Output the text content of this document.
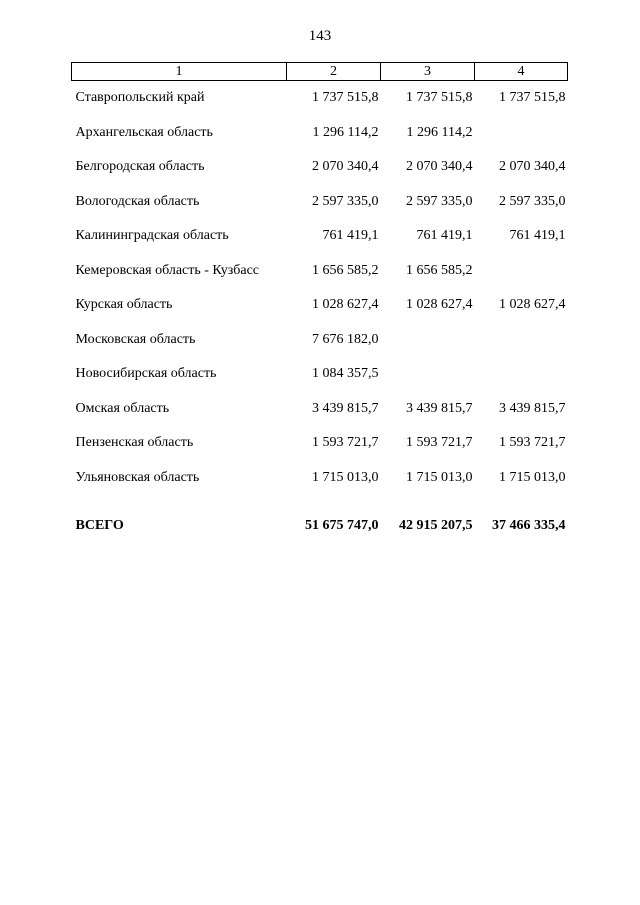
143
1	2	3	4
Ставропольский край	1 737 515,8	1 737 515,8	1 737 515,8
Архангельская область	1 296 114,2	1 296 114,2	
Белгородская область	2 070 340,4	2 070 340,4	2 070 340,4
Вологодская область	2 597 335,0	2 597 335,0	2 597 335,0
Калининградская область	761 419,1	761 419,1	761 419,1
Кемеровская область - Кузбасс	1 656 585,2	1 656 585,2	
Курская область	1 028 627,4	1 028 627,4	1 028 627,4
Московская область	7 676 182,0		
Новосибирская область	1 084 357,5		
Омская область	3 439 815,7	3 439 815,7	3 439 815,7
Пензенская область	1 593 721,7	1 593 721,7	1 593 721,7
Ульяновская область	1 715 013,0	1 715 013,0	1 715 013,0

ВСЕГО	51 675 747,0	42 915 207,5	37 466 335,4
